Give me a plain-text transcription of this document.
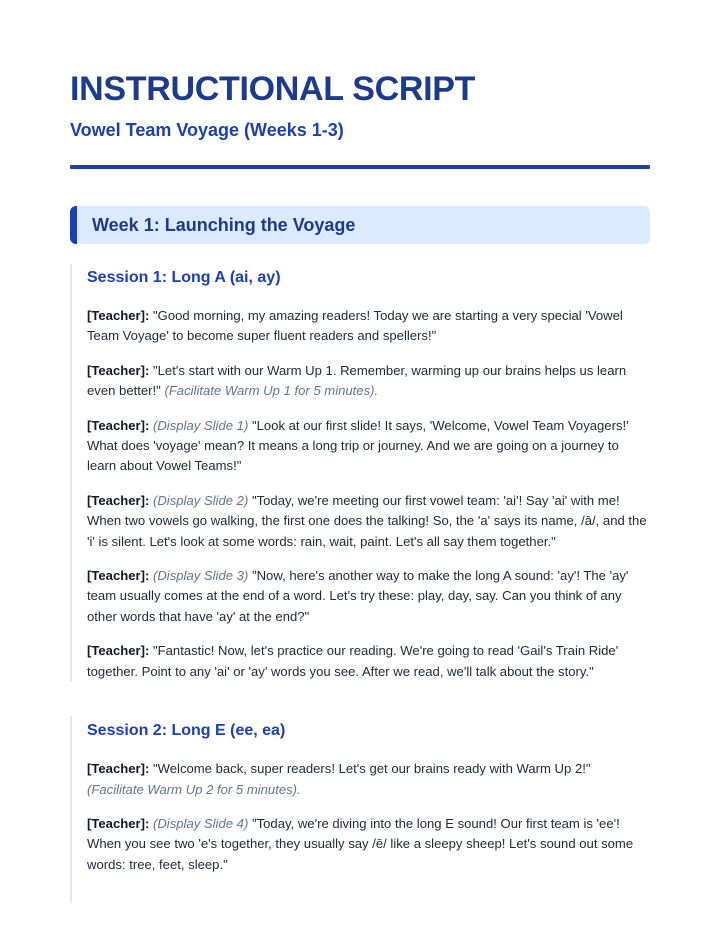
INSTRUCTIONAL SCRIPT
Vowel Team Voyage (Weeks 1-3)
Week 1: Launching the Voyage
Session 1: Long A (ai, ay)

[Teacher]: "Good morning, my amazing readers! Today we are starting a very special 'Vowel Team Voyage' to become super fluent readers and spellers!"

[Teacher]: "Let's start with our Warm Up 1. Remember, warming up our brains helps us learn even better!" (Facilitate Warm Up 1 for 5 minutes).

[Teacher]: (Display Slide 1) "Look at our first slide! It says, 'Welcome, Vowel Team Voyagers!' What does 'voyage' mean? It means a long trip or journey. And we are going on a journey to learn about Vowel Teams!"

[Teacher]: (Display Slide 2) "Today, we're meeting our first vowel team: 'ai'! Say 'ai' with me! When two vowels go walking, the first one does the talking! So, the 'a' says its name, /ā/, and the 'i' is silent. Let's look at some words: rain, wait, paint. Let's all say them together."

[Teacher]: (Display Slide 3) "Now, here's another way to make the long A sound: 'ay'! The 'ay' team usually comes at the end of a word. Let's try these: play, day, say. Can you think of any other words that have 'ay' at the end?"

[Teacher]: "Fantastic! Now, let's practice our reading. We're going to read 'Gail's Train Ride' together. Point to any 'ai' or 'ay' words you see. After we read, we'll talk about the story."

Session 2: Long E (ee, ea)

[Teacher]: "Welcome back, super readers! Let's get our brains ready with Warm Up 2!" (Facilitate Warm Up 2 for 5 minutes).

[Teacher]: (Display Slide 4) "Today, we're diving into the long E sound! Our first team is 'ee'! When you see two 'e's together, they usually say /ē/ like a sleepy sheep! Let's sound out some words: tree, feet, sleep."
